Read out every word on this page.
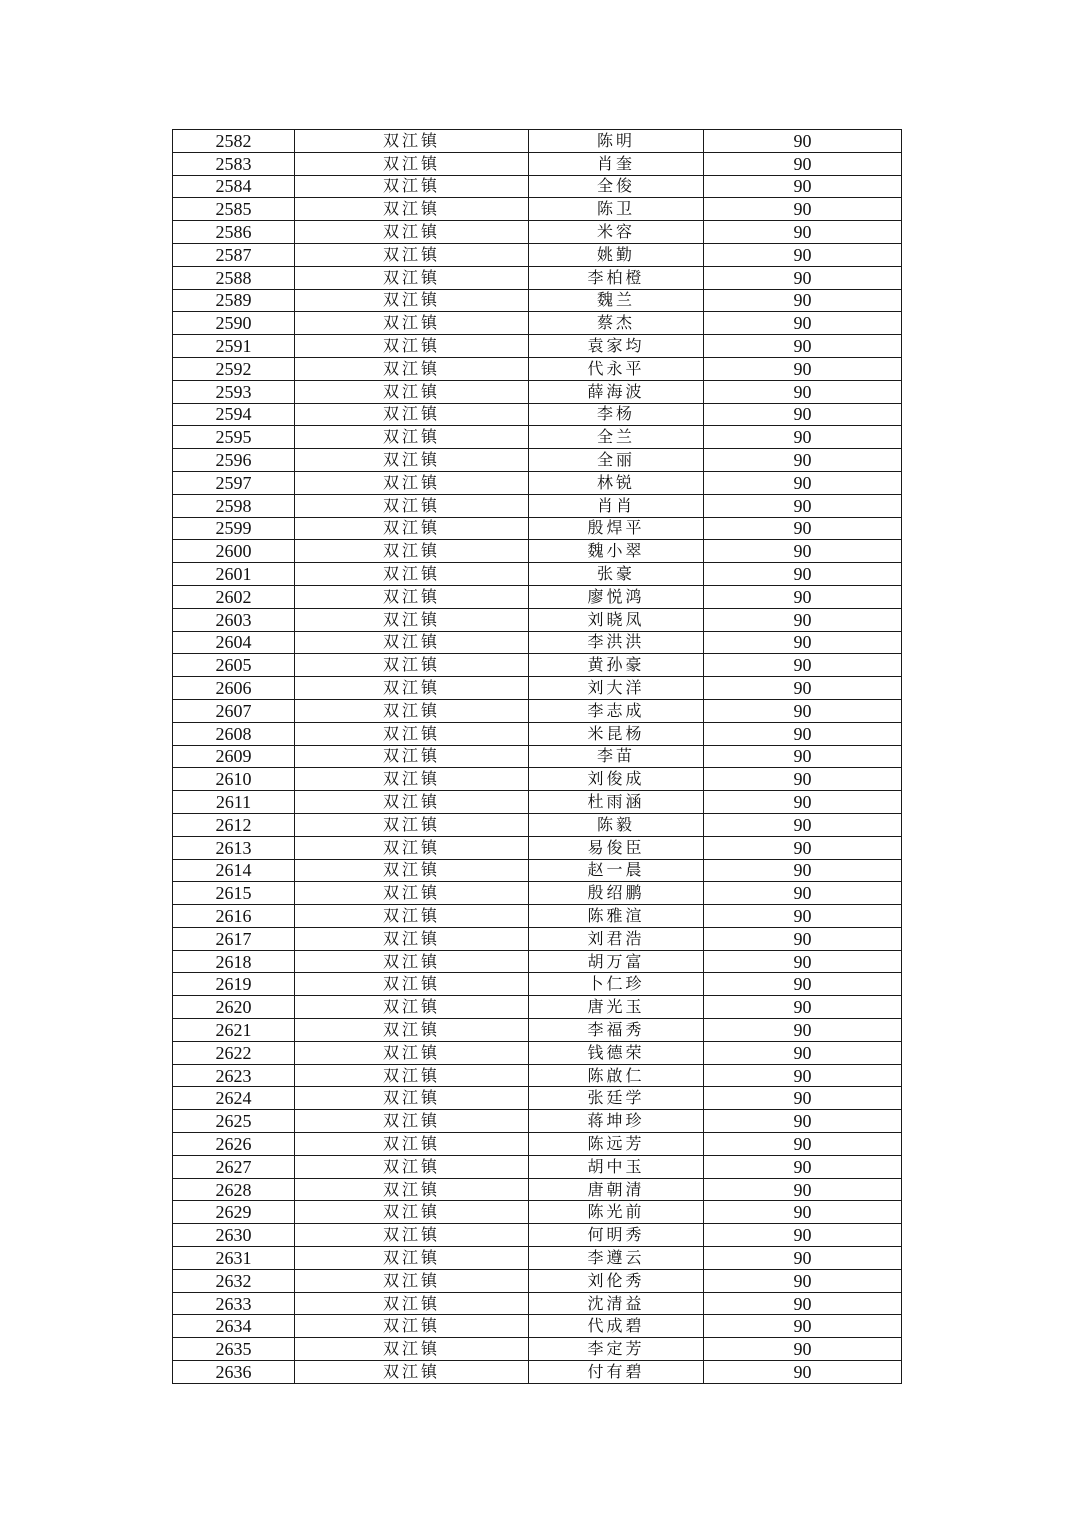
2582	双江镇	陈明	90
2583	双江镇	肖奎	90
2584	双江镇	全俊	90
2585	双江镇	陈卫	90
2586	双江镇	米容	90
2587	双江镇	姚勤	90
2588	双江镇	李柏橙	90
2589	双江镇	魏兰	90
2590	双江镇	蔡杰	90
2591	双江镇	袁家均	90
2592	双江镇	代永平	90
2593	双江镇	薛海波	90
2594	双江镇	李杨	90
2595	双江镇	全兰	90
2596	双江镇	全丽	90
2597	双江镇	林锐	90
2598	双江镇	肖肖	90
2599	双江镇	殷焊平	90
2600	双江镇	魏小翠	90
2601	双江镇	张豪	90
2602	双江镇	廖悦鸿	90
2603	双江镇	刘晓凤	90
2604	双江镇	李洪洪	90
2605	双江镇	黄孙豪	90
2606	双江镇	刘大洋	90
2607	双江镇	李志成	90
2608	双江镇	米昆杨	90
2609	双江镇	李苗	90
2610	双江镇	刘俊成	90
2611	双江镇	杜雨涵	90
2612	双江镇	陈毅	90
2613	双江镇	易俊臣	90
2614	双江镇	赵一晨	90
2615	双江镇	殷绍鹏	90
2616	双江镇	陈雅渲	90
2617	双江镇	刘君浩	90
2618	双江镇	胡万富	90
2619	双江镇	卜仁珍	90
2620	双江镇	唐光玉	90
2621	双江镇	李福秀	90
2622	双江镇	钱德荣	90
2623	双江镇	陈啟仁	90
2624	双江镇	张廷学	90
2625	双江镇	蒋坤珍	90
2626	双江镇	陈远芳	90
2627	双江镇	胡中玉	90
2628	双江镇	唐朝清	90
2629	双江镇	陈光前	90
2630	双江镇	何明秀	90
2631	双江镇	李遵云	90
2632	双江镇	刘伦秀	90
2633	双江镇	沈清益	90
2634	双江镇	代成碧	90
2635	双江镇	李定芳	90
2636	双江镇	付有碧	90
